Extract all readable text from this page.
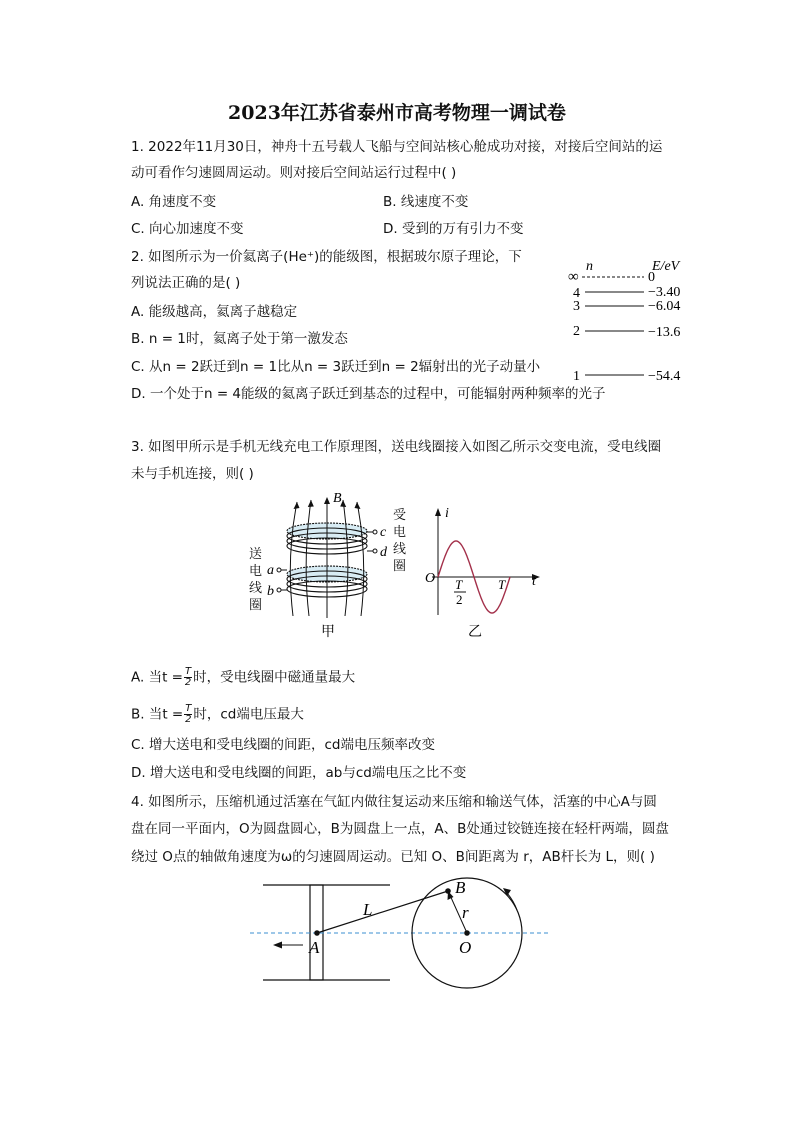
2023年江苏省泰州市高考物理一调试卷
1. 2022年11月30日，神舟十五号载人飞船与空间站核心舱成功对接，对接后空间站的运
动可看作匀速圆周运动。则对接后空间站运行过程中( )
A. 角速度不变	B. 线速度不变
C. 向心加速度不变	D. 受到的万有引力不变
2. 如图所示为一价氦离子(He⁺)的能级图，根据玻尔原子理论，下
列说法正确的是( )
A. 能级越高，氦离子越稳定
B. n = 1时，氦离子处于第一激发态
C. 从n = 2跃迁到n = 1比从n = 3跃迁到n = 2辐射出的光子动量小
D. 一个处于n = 4能级的氦离子跃迁到基态的过程中，可能辐射两种频率的光子
n	E/eV
∞	0
4	−3.40
3	−6.04
2	−13.6
1	−54.4
3. 如图甲所示是手机无线充电工作原理图，送电线圈接入如图乙所示交变电流，受电线圈
未与手机连接，则( )
送
电
线
圈
受
电
线
圈
B
c
d
a
b
甲
i
O	t
T
2
T
乙
A. 当$t = \frac{T}{2}$ 时，受电线圈中磁通量最大
B. 当$t = \frac{T}{2}$ 时，cd端电压最大
C. 增大送电和受电线圈的间距，cd端电压频率改变
D. 增大送电和受电线圈的间距，ab与cd端电压之比不变
4. 如图所示，压缩机通过活塞在气缸内做往复运动来压缩和输送气体，活塞的中心A与圆
盘在同一平面内，O为圆盘圆心，B为圆盘上一点，A、B处通过铰链连接在轻杆两端，圆盘
绕过 O点的轴做角速度为ω的匀速圆周运动。已知 O、B间距离为 r，AB杆长为 L，则( )
L
B
r
A	O
